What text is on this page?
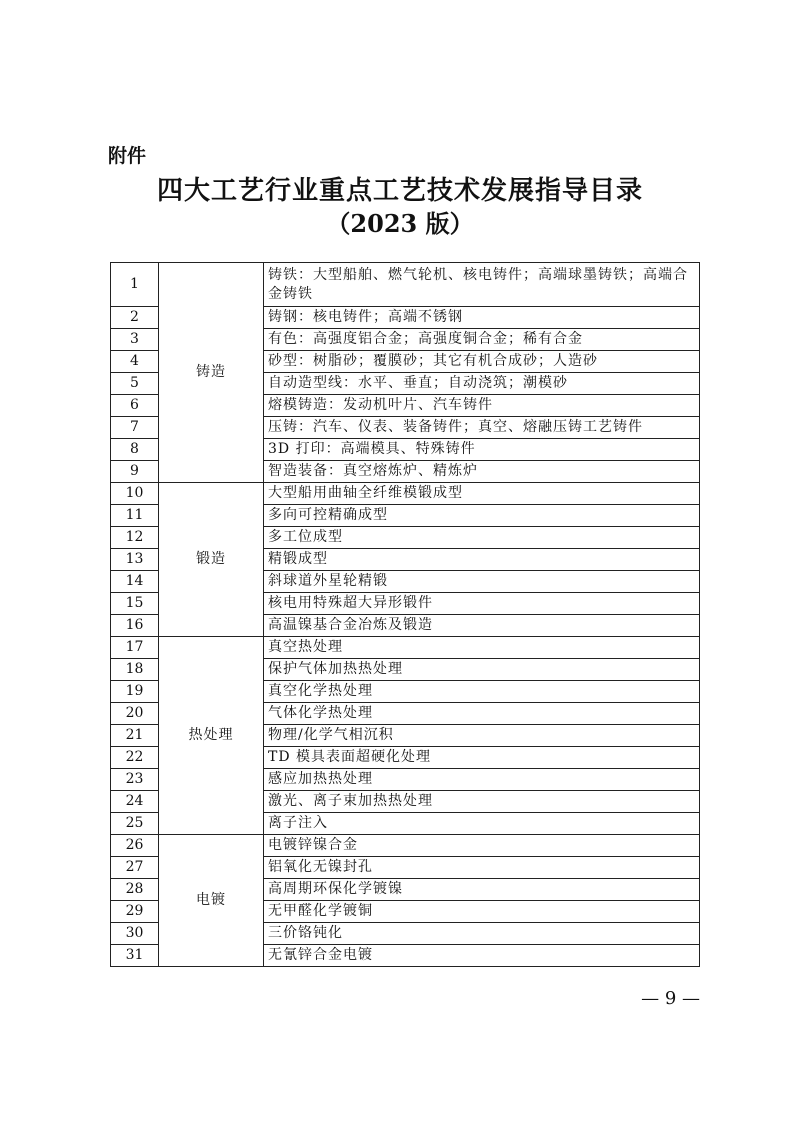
附件
四大工艺行业重点工艺技术发展指导目录
（2023 版）
1	铸造	铸铁：大型船舶、燃气轮机、核电铸件；高端球墨铸铁；高端合金铸铁
2		铸钢：核电铸件；高端不锈钢
3		有色：高强度铝合金；高强度铜合金；稀有合金
4		砂型：树脂砂；覆膜砂；其它有机合成砂；人造砂
5		自动造型线：水平、垂直；自动浇筑；潮模砂
6		熔模铸造：发动机叶片、汽车铸件
7		压铸：汽车、仪表、装备铸件；真空、熔融压铸工艺铸件
8		3D 打印：高端模具、特殊铸件
9		智造装备：真空熔炼炉、精炼炉
10	锻造	大型船用曲轴全纤维模锻成型
11		多向可控精确成型
12		多工位成型
13		精锻成型
14		斜球道外星轮精锻
15		核电用特殊超大异形锻件
16		高温镍基合金冶炼及锻造
17	热处理	真空热处理
18		保护气体加热热处理
19		真空化学热处理
20		气体化学热处理
21		物理/化学气相沉积
22		TD 模具表面超硬化处理
23		感应加热热处理
24		激光、离子束加热热处理
25		离子注入
26	电镀	电镀锌镍合金
27		铝氧化无镍封孔
28		高周期环保化学镀镍
29		无甲醛化学镀铜
30		三价铬钝化
31		无氰锌合金电镀
— 9 —
